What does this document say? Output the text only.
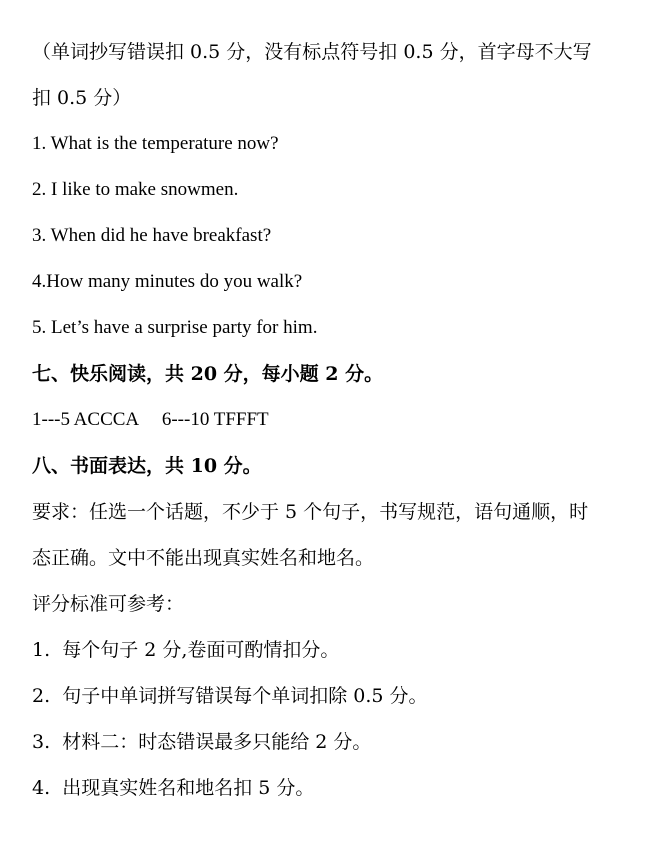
（单词抄写错误扣 0.5 分，没有标点符号扣 0.5 分，首字母不大写
扣 0.5 分）
1. What is the temperature now?
2. I like to make snowmen.
3. When did he have breakfast?
4.How many minutes do you walk?
5. Let’s have a surprise party for him.
七、快乐阅读，共 20 分，每小题 2 分。
1---5 ACCCA     6---10 TFFFT
八、书面表达，共 10 分。
要求：任选一个话题，不少于 5 个句子，书写规范，语句通顺，时
态正确。文中不能出现真实姓名和地名。
评分标准可参考：
1.  每个句子 2 分,卷面可酌情扣分。
2.  句子中单词拼写错误每个单词扣除 0.5 分。
3.  材料二：时态错误最多只能给 2 分。
4.  出现真实姓名和地名扣 5 分。
